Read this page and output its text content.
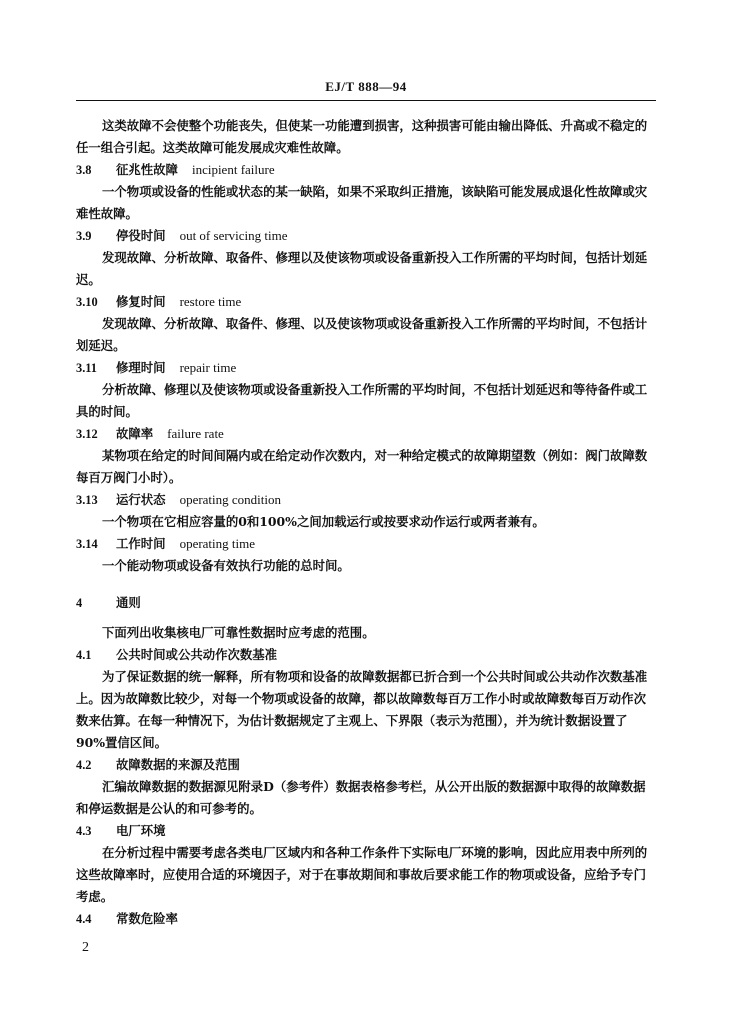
EJ/T 888—94
这类故障不会使整个功能丧失，但使某一功能遭到损害，这种损害可能由输出降低、升高或不稳定的任一组合引起。这类故障可能发展成灾难性故障。
3.8 征兆性故障 incipient failure
一个物项或设备的性能或状态的某一缺陷，如果不采取纠正措施，该缺陷可能发展成退化性故障或灾难性故障。
3.9 停役时间 out of servicing time
发现故障、分析故障、取备件、修理以及使该物项或设备重新投入工作所需的平均时间，包括计划延迟。
3.10 修复时间 restore time
发现故障、分析故障、取备件、修理、以及使该物项或设备重新投入工作所需的平均时间，不包括计划延迟。
3.11 修理时间 repair time
分析故障、修理以及使该物项或设备重新投入工作所需的平均时间，不包括计划延迟和等待备件或工具的时间。
3.12 故障率 failure rate
某物项在给定的时间间隔内或在给定动作次数内，对一种给定模式的故障期望数（例如：阀门故障数每百万阀门小时）。
3.13 运行状态 operating condition
一个物项在它相应容量的0和100%之间加载运行或按要求动作运行或两者兼有。
3.14 工作时间 operating time
一个能动物项或设备有效执行功能的总时间。
4	通则
下面列出收集核电厂可靠性数据时应考虑的范围。
4.1 公共时间或公共动作次数基准
为了保证数据的统一解释，所有物项和设备的故障数据都已折合到一个公共时间或公共动作次数基准上。因为故障数比较少，对每一个物项或设备的故障，都以故障数每百万工作小时或故障数每百万动作次数来估算。在每一种情况下，为估计数据规定了主观上、下界限（表示为范围），并为统计数据设置了90%置信区间。
4.2 故障数据的来源及范围
汇编故障数据的数据源见附录D（参考件）数据表格参考栏，从公开出版的数据源中取得的故障数据和停运数据是公认的和可参考的。
4.3 电厂环境
在分析过程中需要考虑各类电厂区域内和各种工作条件下实际电厂环境的影响，因此应用表中所列的这些故障率时，应使用合适的环境因子，对于在事故期间和事故后要求能工作的物项或设备，应给予专门考虑。
4.4 常数危险率
2
